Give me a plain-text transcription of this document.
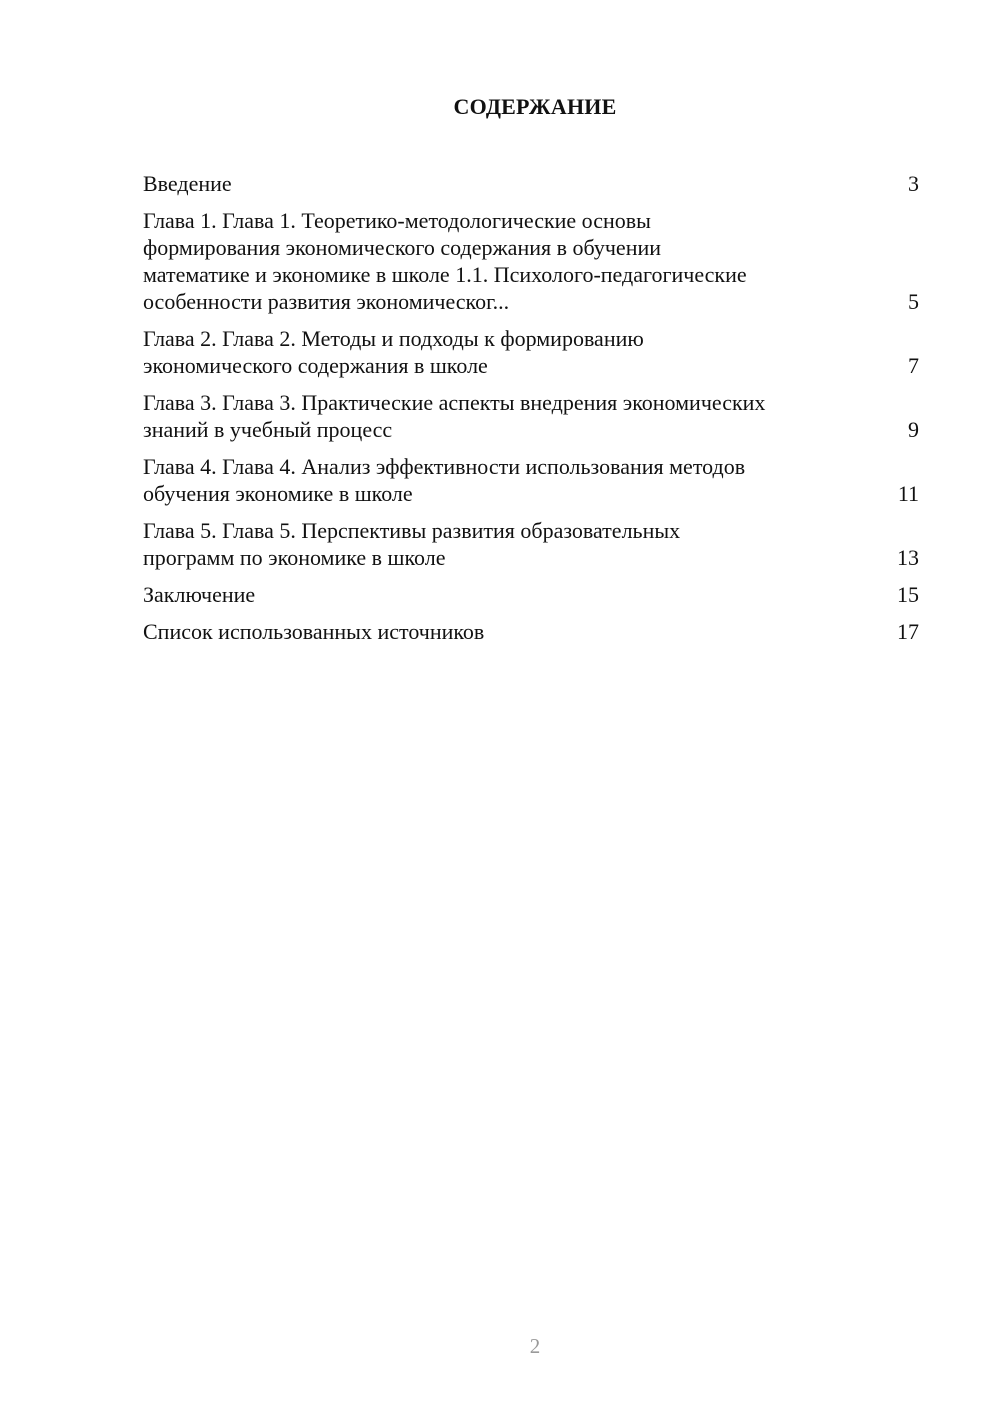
СОДЕРЖАНИЕ
Введение	3
Глава 1. Глава 1. Теоретико-методологические основы формирования экономического содержания в обучении математике и экономике в школе 1.1. Психолого-педагогические особенности развития экономическог...	5
Глава 2. Глава 2. Методы и подходы к формированию экономического содержания в школе	7
Глава 3. Глава 3. Практические аспекты внедрения экономических знаний в учебный процесс	9
Глава 4. Глава 4. Анализ эффективности использования методов обучения экономике в школе	11
Глава 5. Глава 5. Перспективы развития образовательных программ по экономике в школе	13
Заключение	15
Список использованных источников	17
2
